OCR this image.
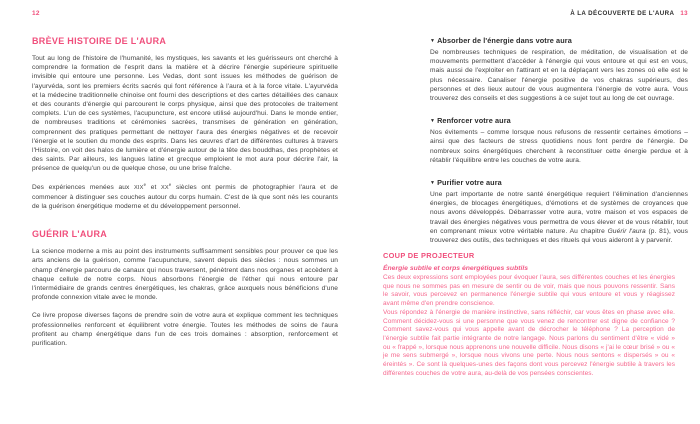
12	À LA DÉCOUVERTE DE L'AURA 13
BRÈVE HISTOIRE DE L'AURA

Tout au long de l'histoire de l'humanité, les mystiques, les savants et les guérisseurs ont cherché à comprendre la formation de l'esprit dans la matière et à décrire l'énergie supérieure spirituelle invisible qui entoure une personne. Les Vedas, dont sont issues les méthodes de guérison de l'ayurvéda, sont les premiers écrits sacrés qui font référence à l'aura et à la force vitale. L'ayurvéda et la médecine traditionnelle chinoise ont fourni des descriptions et des cartes détaillées des canaux et des courants d'énergie qui parcourent le corps physique, ainsi que des protocoles de traitement complets. L'un de ces systèmes, l'acupuncture, est encore utilisé aujourd'hui. Dans le monde entier, de nombreuses traditions et cérémonies sacrées, transmises de génération en génération, comprennent des pratiques permettant de nettoyer l'aura des énergies négatives et de recevoir l'énergie et le soutien du monde des esprits. Dans les œuvres d'art de différentes cultures à travers l'Histoire, on voit des halos de lumière et d'énergie autour de la tête des bouddhas, des prophètes et des saints. Par ailleurs, les langues latine et grecque emploient le mot aura pour décrire l'air, la présence de quelqu'un ou de quelque chose, ou une brise fraîche.

Des expériences menées aux XIXe et XXe siècles ont permis de photographier l'aura et de commencer à distinguer ses couches autour du corps humain. C'est de là que sont nés les courants de la guérison énergétique moderne et du développement personnel.

GUÉRIR L'AURA

La science moderne a mis au point des instruments suffisamment sensibles pour prouver ce que les arts anciens de la guérison, comme l'acupuncture, savent depuis des siècles : nous sommes un champ d'énergie parcouru de canaux qui nous traversent, pénètrent dans nos organes et accèdent à chaque cellule de notre corps. Nous absorbons l'énergie de l'éther qui nous entoure par l'intermédiaire de grands centres énergétiques, les chakras, grâce auxquels nous bénéficions d'une profonde connexion vitale avec le monde.

Ce livre propose diverses façons de prendre soin de votre aura et explique comment les techniques professionnelles renforcent et équilibrent votre énergie. Toutes les méthodes de soins de l'aura profitent au champ énergétique dans l'un de ces trois domaines : absorption, renforcement et purification.

▼ Absorber de l'énergie dans votre aura

De nombreuses techniques de respiration, de méditation, de visualisation et de mouvements permettent d'accéder à l'énergie qui vous entoure et qui est en vous, mais aussi de l'exploiter en l'attirant et en la déplaçant vers les zones où elle est le plus nécessaire. Canaliser l'énergie positive de vos chakras supérieurs, des personnes et des lieux autour de vous augmentera l'énergie de votre aura. Vous trouverez des conseils et des suggestions à ce sujet tout au long de cet ouvrage.

▼ Renforcer votre aura

Nos évitements – comme lorsque nous refusons de ressentir certaines émotions – ainsi que des facteurs de stress quotidiens nous font perdre de l'énergie. De nombreux soins énergétiques cherchent à reconstituer cette énergie perdue et à rétablir l'équilibre entre les couches de votre aura.

▼ Purifier votre aura

Une part importante de notre santé énergétique requiert l'élimination d'anciennes énergies, de blocages énergétiques, d'émotions et de systèmes de croyances que nous avons développés. Débarrasser votre aura, votre maison et vos espaces de travail des énergies négatives vous permettra de vous élever et de vous rétablir, tout en comprenant mieux votre véritable nature. Au chapitre Guérir l'aura (p. 81), vous trouverez des outils, des techniques et des rituels qui vous aideront à y parvenir.

COUP DE PROJECTEUR
Énergie subtile et corps énergétiques subtils

Ces deux expressions sont employées pour évoquer l'aura, ses différentes couches et les énergies que nous ne sommes pas en mesure de sentir ou de voir, mais que nous pouvons ressentir. Sans le savoir, vous percevez en permanence l'énergie subtile qui vous entoure et vous y réagissez avant même d'en prendre conscience.

Vous répondez à l'énergie de manière instinctive, sans réfléchir, car vous êtes en phase avec elle. Comment décidez-vous si une personne que vous venez de rencontrer est digne de confiance ? Comment savez-vous qui vous appelle avant de décrocher le téléphone ? La perception de l'énergie subtile fait partie intégrante de notre langage. Nous parlons du sentiment d'être « vidé » ou « frappé », lorsque nous apprenons une nouvelle difficile. Nous disons « j'ai le cœur brisé » ou « je me sens submergé », lorsque nous vivons une perte. Nous nous sentons « dispersés » ou « éreintés ». Ce sont là quelques-unes des façons dont vous percevez l'énergie subtile à travers les différentes couches de votre aura, au-delà de vos pensées conscientes.
